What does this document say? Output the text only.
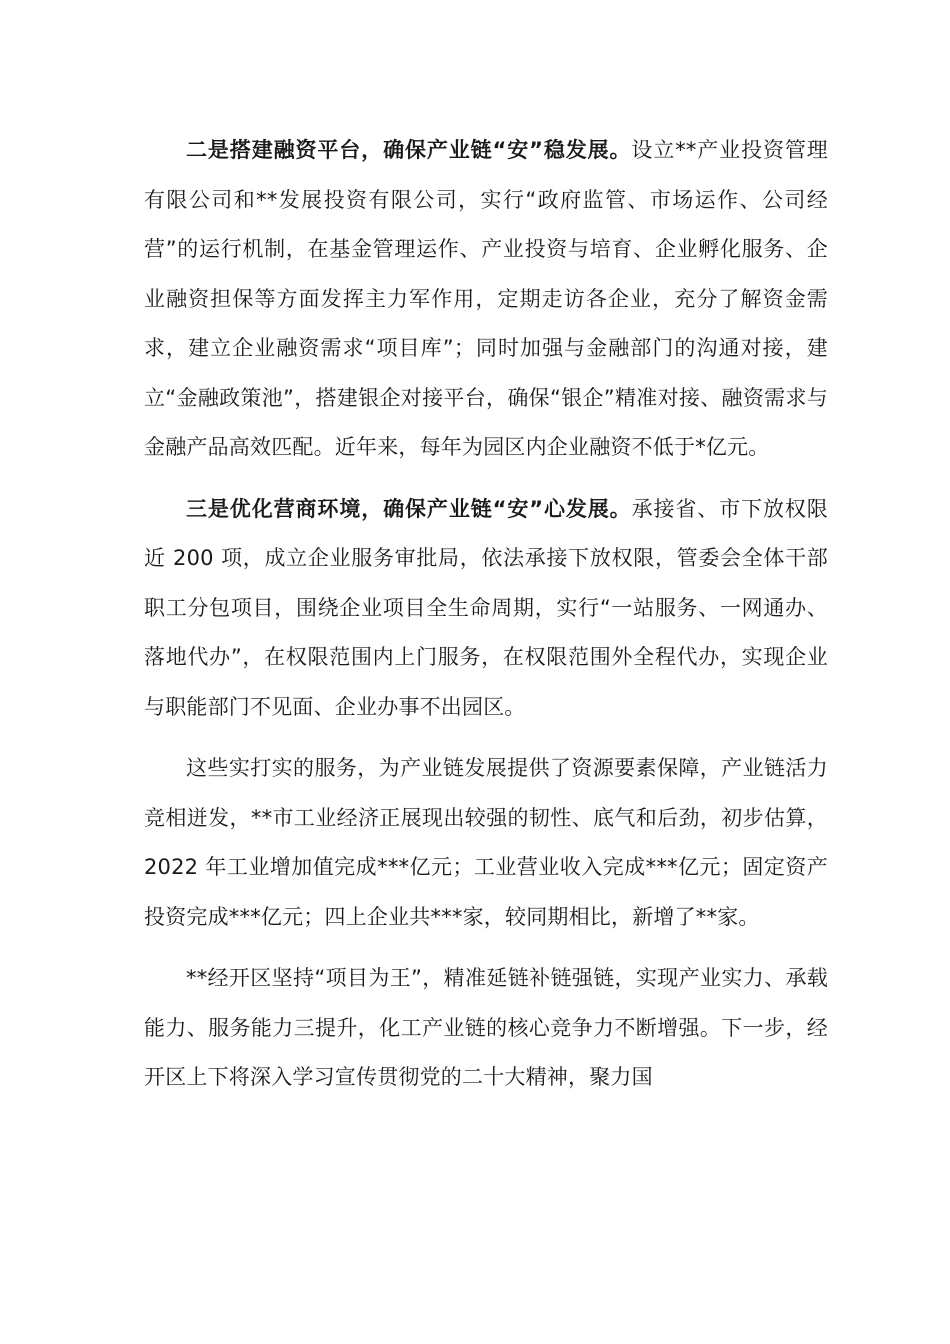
二是搭建融资平台，确保产业链“安”稳发展。设立**产业投资管理有限公司和**发展投资有限公司，实行“政府监管、市场运作、公司经营”的运行机制，在基金管理运作、产业投资与培育、企业孵化服务、企业融资担保等方面发挥主力军作用，定期走访各企业，充分了解资金需求，建立企业融资需求“项目库”；同时加强与金融部门的沟通对接，建立“金融政策池”，搭建银企对接平台，确保“银企”精准对接、融资需求与金融产品高效匹配。近年来，每年为园区内企业融资不低于*亿元。

三是优化营商环境，确保产业链“安”心发展。承接省、市下放权限近 200 项，成立企业服务审批局，依法承接下放权限，管委会全体干部职工分包项目，围绕企业项目全生命周期，实行“一站服务、一网通办、落地代办”，在权限范围内上门服务，在权限范围外全程代办，实现企业与职能部门不见面、企业办事不出园区。

这些实打实的服务，为产业链发展提供了资源要素保障，产业链活力竞相迸发，**市工业经济正展现出较强的韧性、底气和后劲，初步估算，2022 年工业增加值完成***亿元；工业营业收入完成***亿元；固定资产投资完成***亿元；四上企业共***家，较同期相比，新增了**家。

**经开区坚持“项目为王”，精准延链补链强链，实现产业实力、承载能力、服务能力三提升，化工产业链的核心竞争力不断增强。下一步，经开区上下将深入学习宣传贯彻党的二十大精神，聚力国
